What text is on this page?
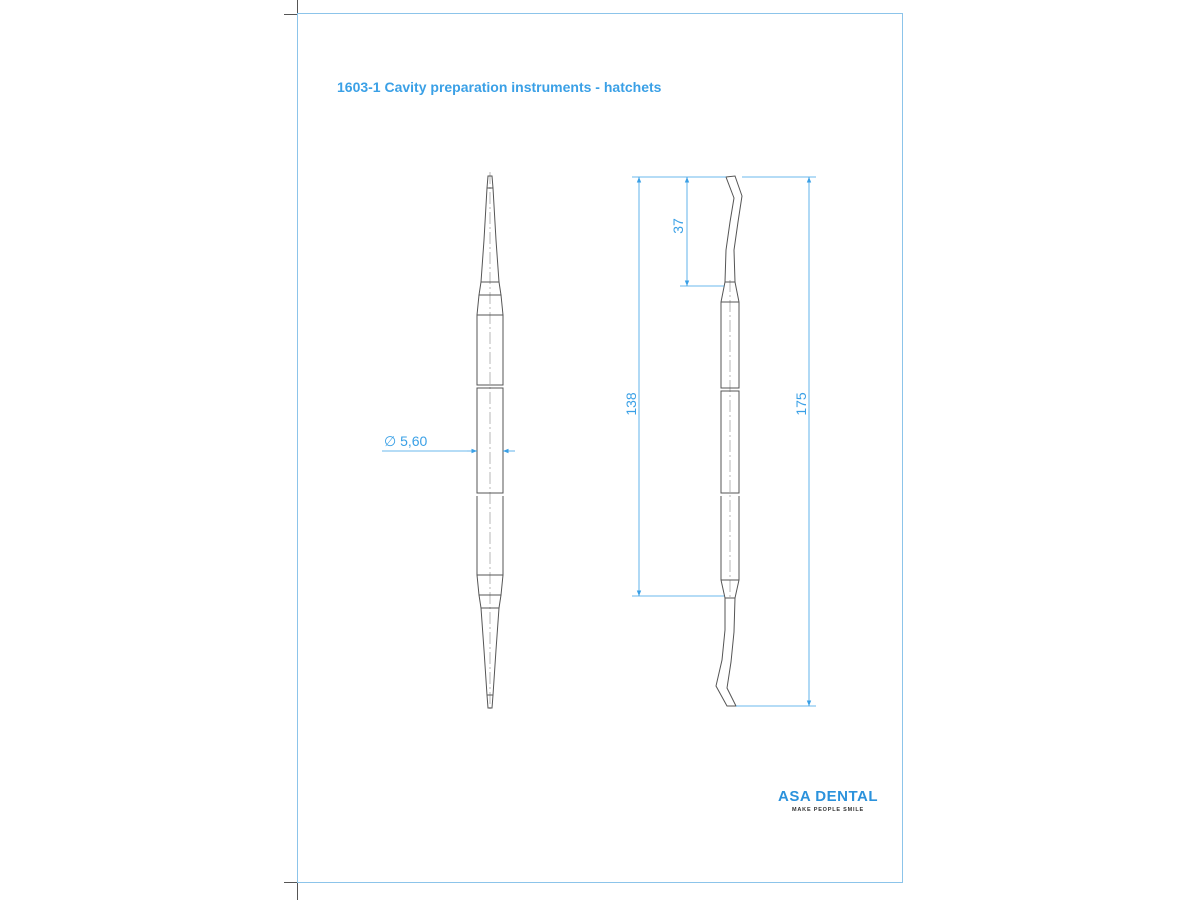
1603-1 Cavity preparation instruments - hatchets
∅ 5,60
37
138	175
ASA DENTAL
MAKE PEOPLE SMILE
